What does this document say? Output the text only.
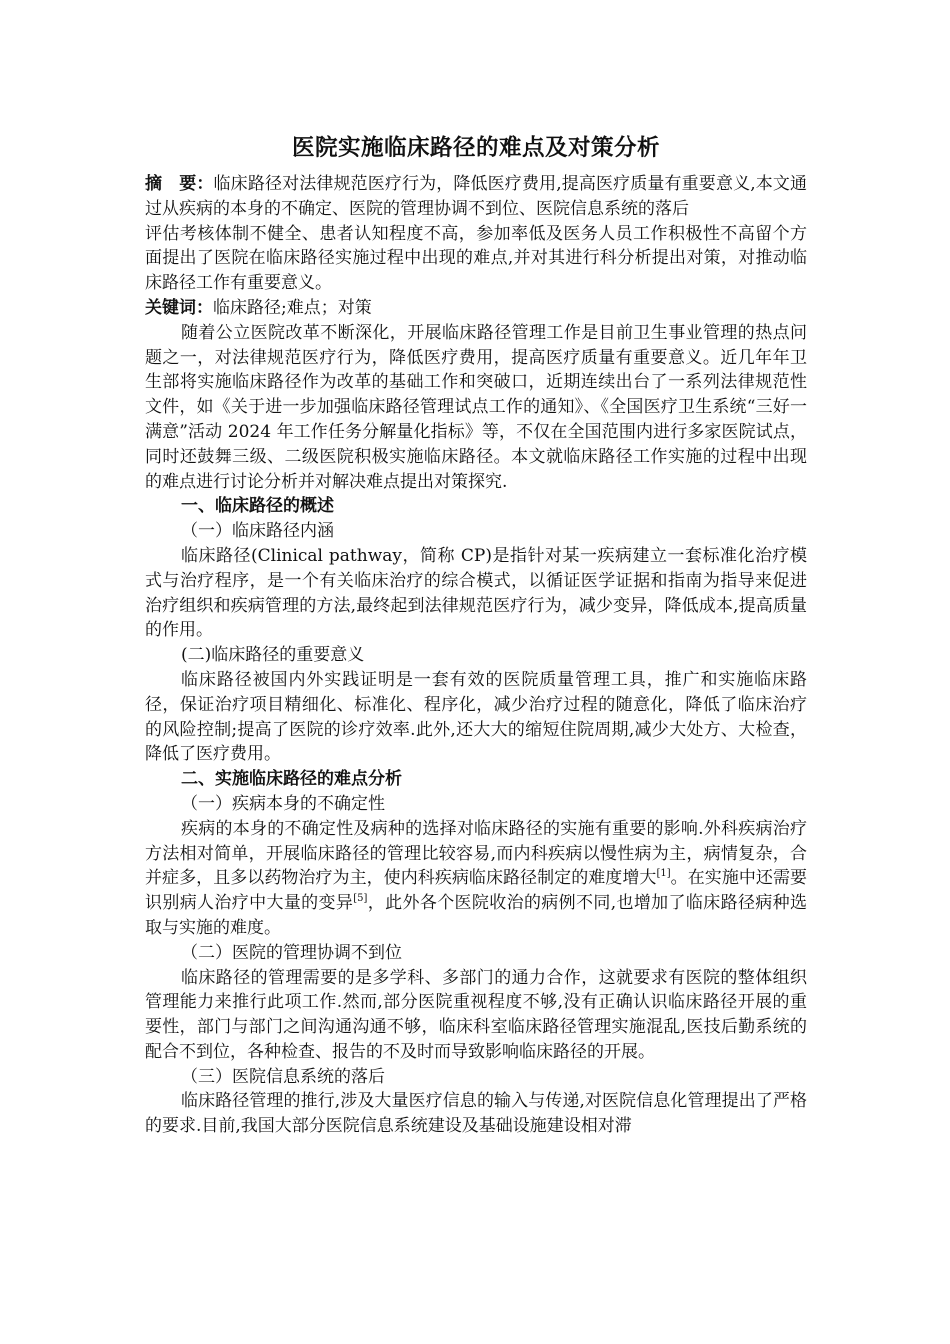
医院实施临床路径的难点及对策分析

摘　要：临床路径对法律规范医疗行为，降低医疗费用,提高医疗质量有重要意义,本文通过从疾病的本身的不确定、医院的管理协调不到位、医院信息系统的落后

评估考核体制不健全、患者认知程度不高，参加率低及医务人员工作积极性不高留个方面提出了医院在临床路径实施过程中出现的难点,并对其进行科分析提出对策，对推动临床路径工作有重要意义。

关键词：临床路径;难点；对策

随着公立医院改革不断深化，开展临床路径管理工作是目前卫生事业管理的热点问题之一，对法律规范医疗行为，降低医疗费用，提高医疗质量有重要意义。近几年年卫生部将实施临床路径作为改革的基础工作和突破口，近期连续出台了一系列法律规范性文件，如《关于进一步加强临床路径管理试点工作的通知》、《全国医疗卫生系统“三好一满意”活动 2024 年工作任务分解量化指标》等，不仅在全国范围内进行多家医院试点，同时还鼓舞三级、二级医院积极实施临床路径。本文就临床路径工作实施的过程中出现的难点进行讨论分析并对解决难点提出对策探究.

一、临床路径的概述

（一）临床路径内涵

临床路径(Clinical pathway，简称 CP)是指针对某一疾病建立一套标准化治疗模式与治疗程序，是一个有关临床治疗的综合模式，以循证医学证据和指南为指导来促进治疗组织和疾病管理的方法,最终起到法律规范医疗行为，减少变异，降低成本,提高质量的作用。

(二)临床路径的重要意义

临床路径被国内外实践证明是一套有效的医院质量管理工具，推广和实施临床路径，保证治疗项目精细化、标准化、程序化，减少治疗过程的随意化，降低了临床治疗的风险控制;提高了医院的诊疗效率.此外,还大大的缩短住院周期,减少大处方、大检查，降低了医疗费用。

二、实施临床路径的难点分析

（一）疾病本身的不确定性

疾病的本身的不确定性及病种的选择对临床路径的实施有重要的影响.外科疾病治疗方法相对简单，开展临床路径的管理比较容易,而内科疾病以慢性病为主，病情复杂，合并症多，且多以药物治疗为主，使内科疾病临床路径制定的难度增大[1]。在实施中还需要识别病人治疗中大量的变异[5]，此外各个医院收治的病例不同,也增加了临床路径病种选取与实施的难度。

（二）医院的管理协调不到位

临床路径的管理需要的是多学科、多部门的通力合作，这就要求有医院的整体组织管理能力来推行此项工作.然而,部分医院重视程度不够,没有正确认识临床路径开展的重要性，部门与部门之间沟通沟通不够，临床科室临床路径管理实施混乱,医技后勤系统的配合不到位，各种检查、报告的不及时而导致影响临床路径的开展。

（三）医院信息系统的落后

临床路径管理的推行,涉及大量医疗信息的输入与传递,对医院信息化管理提出了严格的要求.目前,我国大部分医院信息系统建设及基础设施建设相对滞
